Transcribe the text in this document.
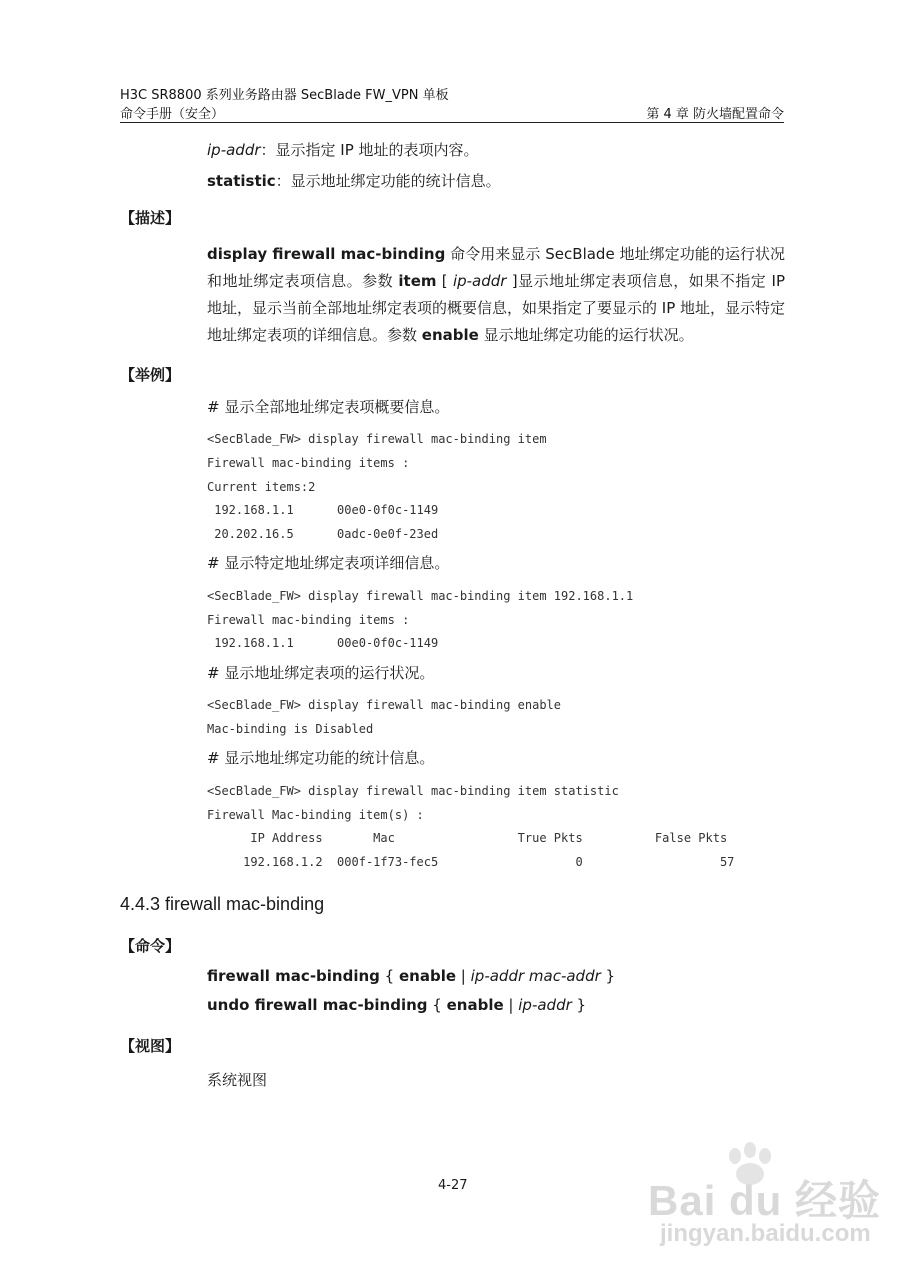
H3C SR8800 系列业务路由器 SecBlade FW_VPN 单板
命令手册（安全）	第 4 章 防火墙配置命令
ip-addr：显示指定 IP 地址的表项内容。
statistic：显示地址绑定功能的统计信息。
【描述】
display firewall mac-binding 命令用来显示 SecBlade 地址绑定功能的运行状况和地址绑定表项信息。参数 item [ ip-addr ]显示地址绑定表项信息，如果不指定 IP 地址，显示当前全部地址绑定表项的概要信息，如果指定了要显示的 IP 地址，显示特定地址绑定表项的详细信息。参数 enable 显示地址绑定功能的运行状况。
【举例】
# 显示全部地址绑定表项概要信息。
<SecBlade_FW> display firewall mac-binding item
Firewall mac-binding items :
Current items:2
192.168.1.1      00e0-0f0c-1149
20.202.16.5      0adc-0e0f-23ed
# 显示特定地址绑定表项详细信息。
<SecBlade_FW> display firewall mac-binding item 192.168.1.1
Firewall mac-binding items :
192.168.1.1      00e0-0f0c-1149
# 显示地址绑定表项的运行状况。
<SecBlade_FW> display firewall mac-binding enable
Mac-binding is Disabled
# 显示地址绑定功能的统计信息。
<SecBlade_FW> display firewall mac-binding item statistic
Firewall Mac-binding item(s) :
IP Address       Mac                 True Pkts          False Pkts
192.168.1.2  000f-1f73-fec5                   0                   57
4.4.3 firewall mac-binding
【命令】
firewall mac-binding { enable | ip-addr mac-addr }
undo firewall mac-binding { enable | ip-addr }
【视图】
系统视图
4-27	Bai du 经验
jingyan.baidu.com
